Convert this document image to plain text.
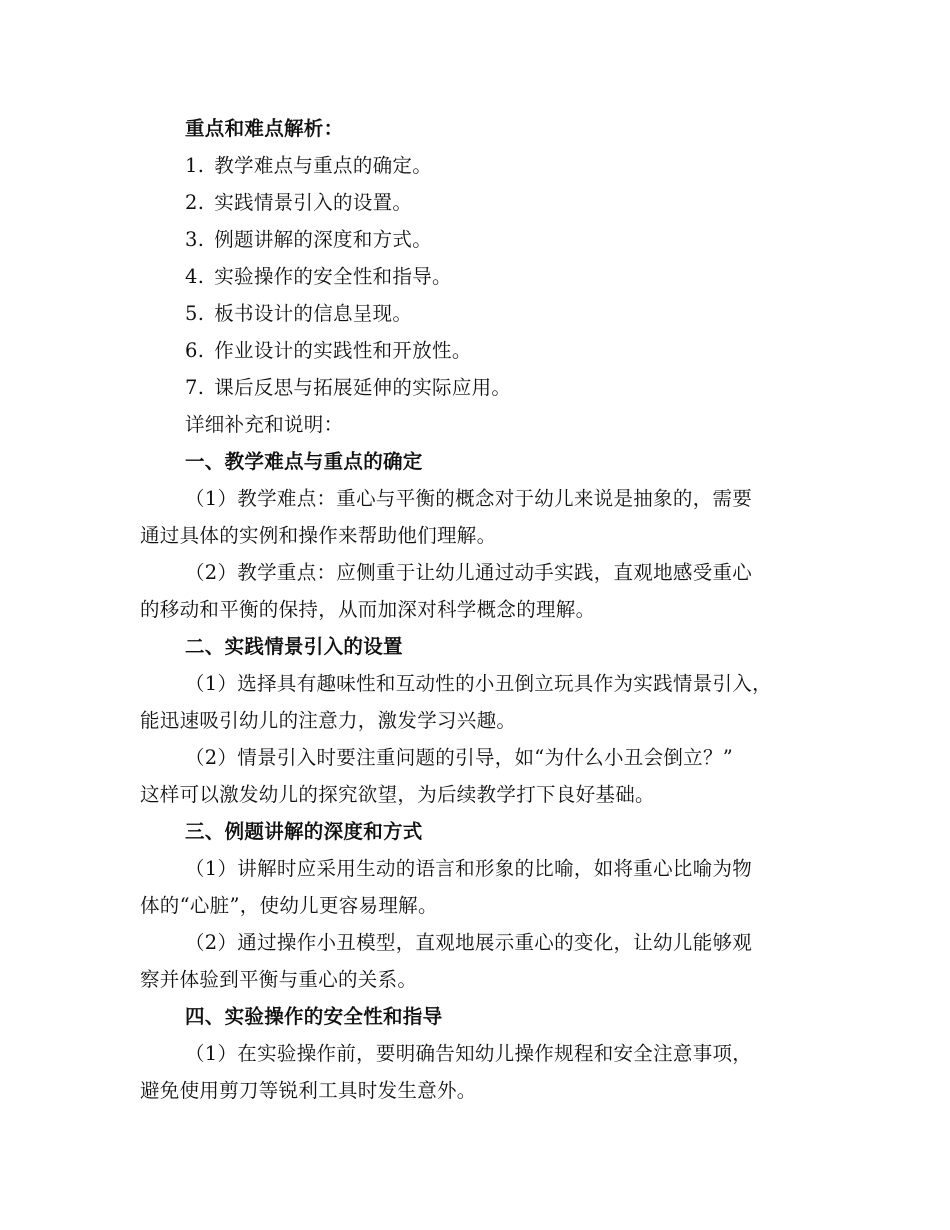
重点和难点解析：
1. 教学难点与重点的确定。
2. 实践情景引入的设置。
3. 例题讲解的深度和方式。
4. 实验操作的安全性和指导。
5. 板书设计的信息呈现。
6. 作业设计的实践性和开放性。
7. 课后反思与拓展延伸的实际应用。
详细补充和说明：
一、教学难点与重点的确定
（1）教学难点：重心与平衡的概念对于幼儿来说是抽象的，需要
通过具体的实例和操作来帮助他们理解。
（2）教学重点：应侧重于让幼儿通过动手实践，直观地感受重心
的移动和平衡的保持，从而加深对科学概念的理解。
二、实践情景引入的设置
（1）选择具有趣味性和互动性的小丑倒立玩具作为实践情景引入，
能迅速吸引幼儿的注意力，激发学习兴趣。
（2）情景引入时要注重问题的引导，如“为什么小丑会倒立？”
这样可以激发幼儿的探究欲望，为后续教学打下良好基础。
三、例题讲解的深度和方式
（1）讲解时应采用生动的语言和形象的比喻，如将重心比喻为物
体的“心脏”，使幼儿更容易理解。
（2）通过操作小丑模型，直观地展示重心的变化，让幼儿能够观
察并体验到平衡与重心的关系。
四、实验操作的安全性和指导
（1）在实验操作前，要明确告知幼儿操作规程和安全注意事项，
避免使用剪刀等锐利工具时发生意外。
